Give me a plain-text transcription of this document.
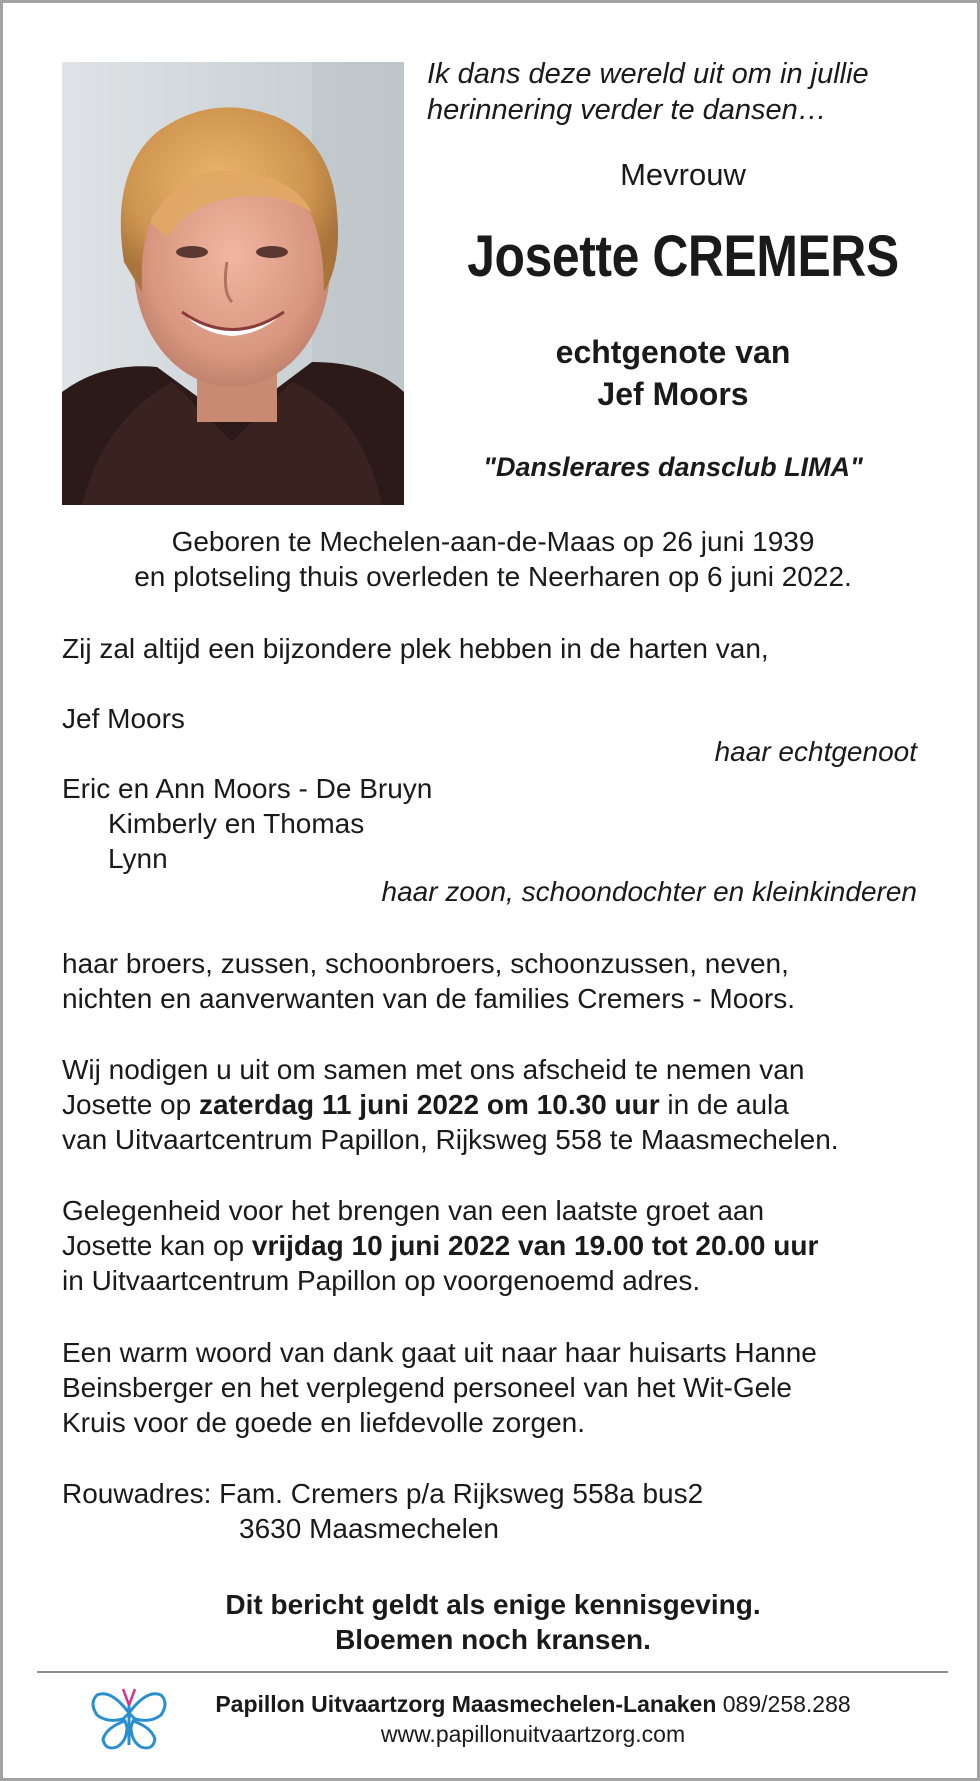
Ik dans deze wereld uit om in jullie
herinnering verder te dansen…
Mevrouw
Josette CREMERS
echtgenote van
Jef Moors
"Danslerares dansclub LIMA"
Geboren te Mechelen-aan-de-Maas op 26 juni 1939
en plotseling thuis overleden te Neerharen op 6 juni 2022.
Zij zal altijd een bijzondere plek hebben in de harten van,
Jef Moors
haar echtgenoot
Eric en Ann Moors - De Bruyn
Kimberly en Thomas
Lynn
haar zoon, schoondochter en kleinkinderen
haar broers, zussen, schoonbroers, schoonzussen, neven,
nichten en aanverwanten van de families Cremers - Moors.
Wij nodigen u uit om samen met ons afscheid te nemen van
Josette op zaterdag 11 juni 2022 om 10.30 uur in de aula
van Uitvaartcentrum Papillon, Rijksweg 558 te Maasmechelen.
Gelegenheid voor het brengen van een laatste groet aan
Josette kan op vrijdag 10 juni 2022 van 19.00 tot 20.00 uur
in Uitvaartcentrum Papillon op voorgenoemd adres.
Een warm woord van dank gaat uit naar haar huisarts Hanne
Beinsberger en het verplegend personeel van het Wit-Gele
Kruis voor de goede en liefdevolle zorgen.
Rouwadres: Fam. Cremers p/a Rijksweg 558a bus2
3630 Maasmechelen
Dit bericht geldt als enige kennisgeving.
Bloemen noch kransen.
Papillon Uitvaartzorg Maasmechelen-Lanaken 089/258.288
www.papillonuitvaartzorg.com
